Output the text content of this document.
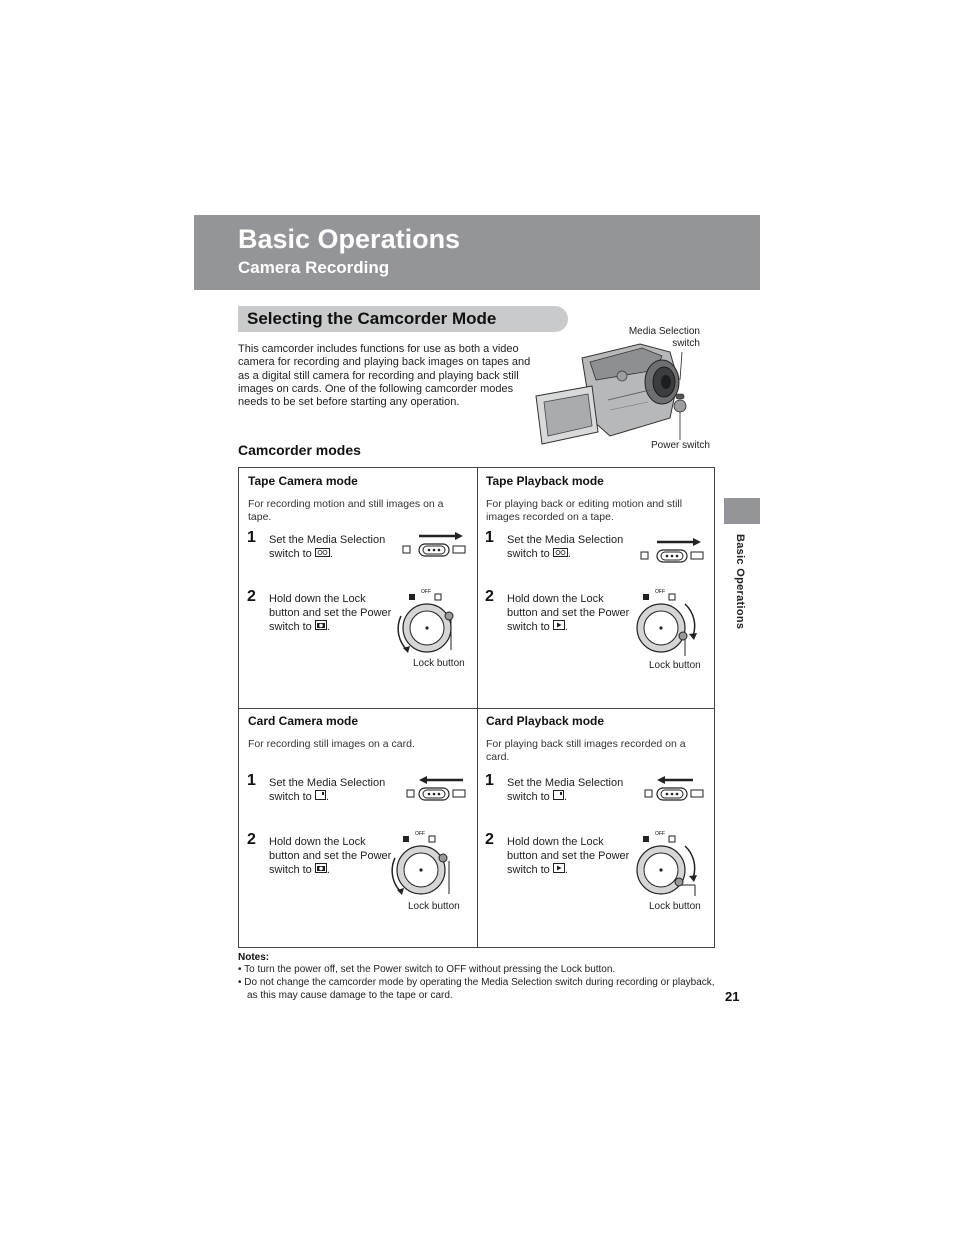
Basic Operations
Camera Recording
Selecting the Camcorder Mode

This camcorder includes functions for use as both a video camera for recording and playing back images on tapes and as a digital still camera for recording and playing back still images on cards. One of the following camcorder modes needs to be set before starting any operation.

Media Selection switch
Power switch
Camcorder modes
Tape Camera mode
For recording motion and still images on a tape.
1 Set the Media Selection switch to .
2 Hold down the Lock button and set the Power switch to .
OFF
Lock button
Tape Playback mode
For playing back or editing motion and still images recorded on a tape.
1 Set the Media Selection switch to .
2 Hold down the Lock button and set the Power switch to .
OFF
Lock button
Card Camera mode
For recording still images on a card.
1 Set the Media Selection switch to .
2 Hold down the Lock button and set the Power switch to .
OFF
Lock button
Card Playback mode
For playing back still images recorded on a card.
1 Set the Media Selection switch to .
2 Hold down the Lock button and set the Power switch to .
OFF
Lock button
Basic Operations
Notes:
• To turn the power off, set the Power switch to OFF without pressing the Lock button.
• Do not change the camcorder mode by operating the Media Selection switch during recording or playback, as this may cause damage to the tape or card.	21
